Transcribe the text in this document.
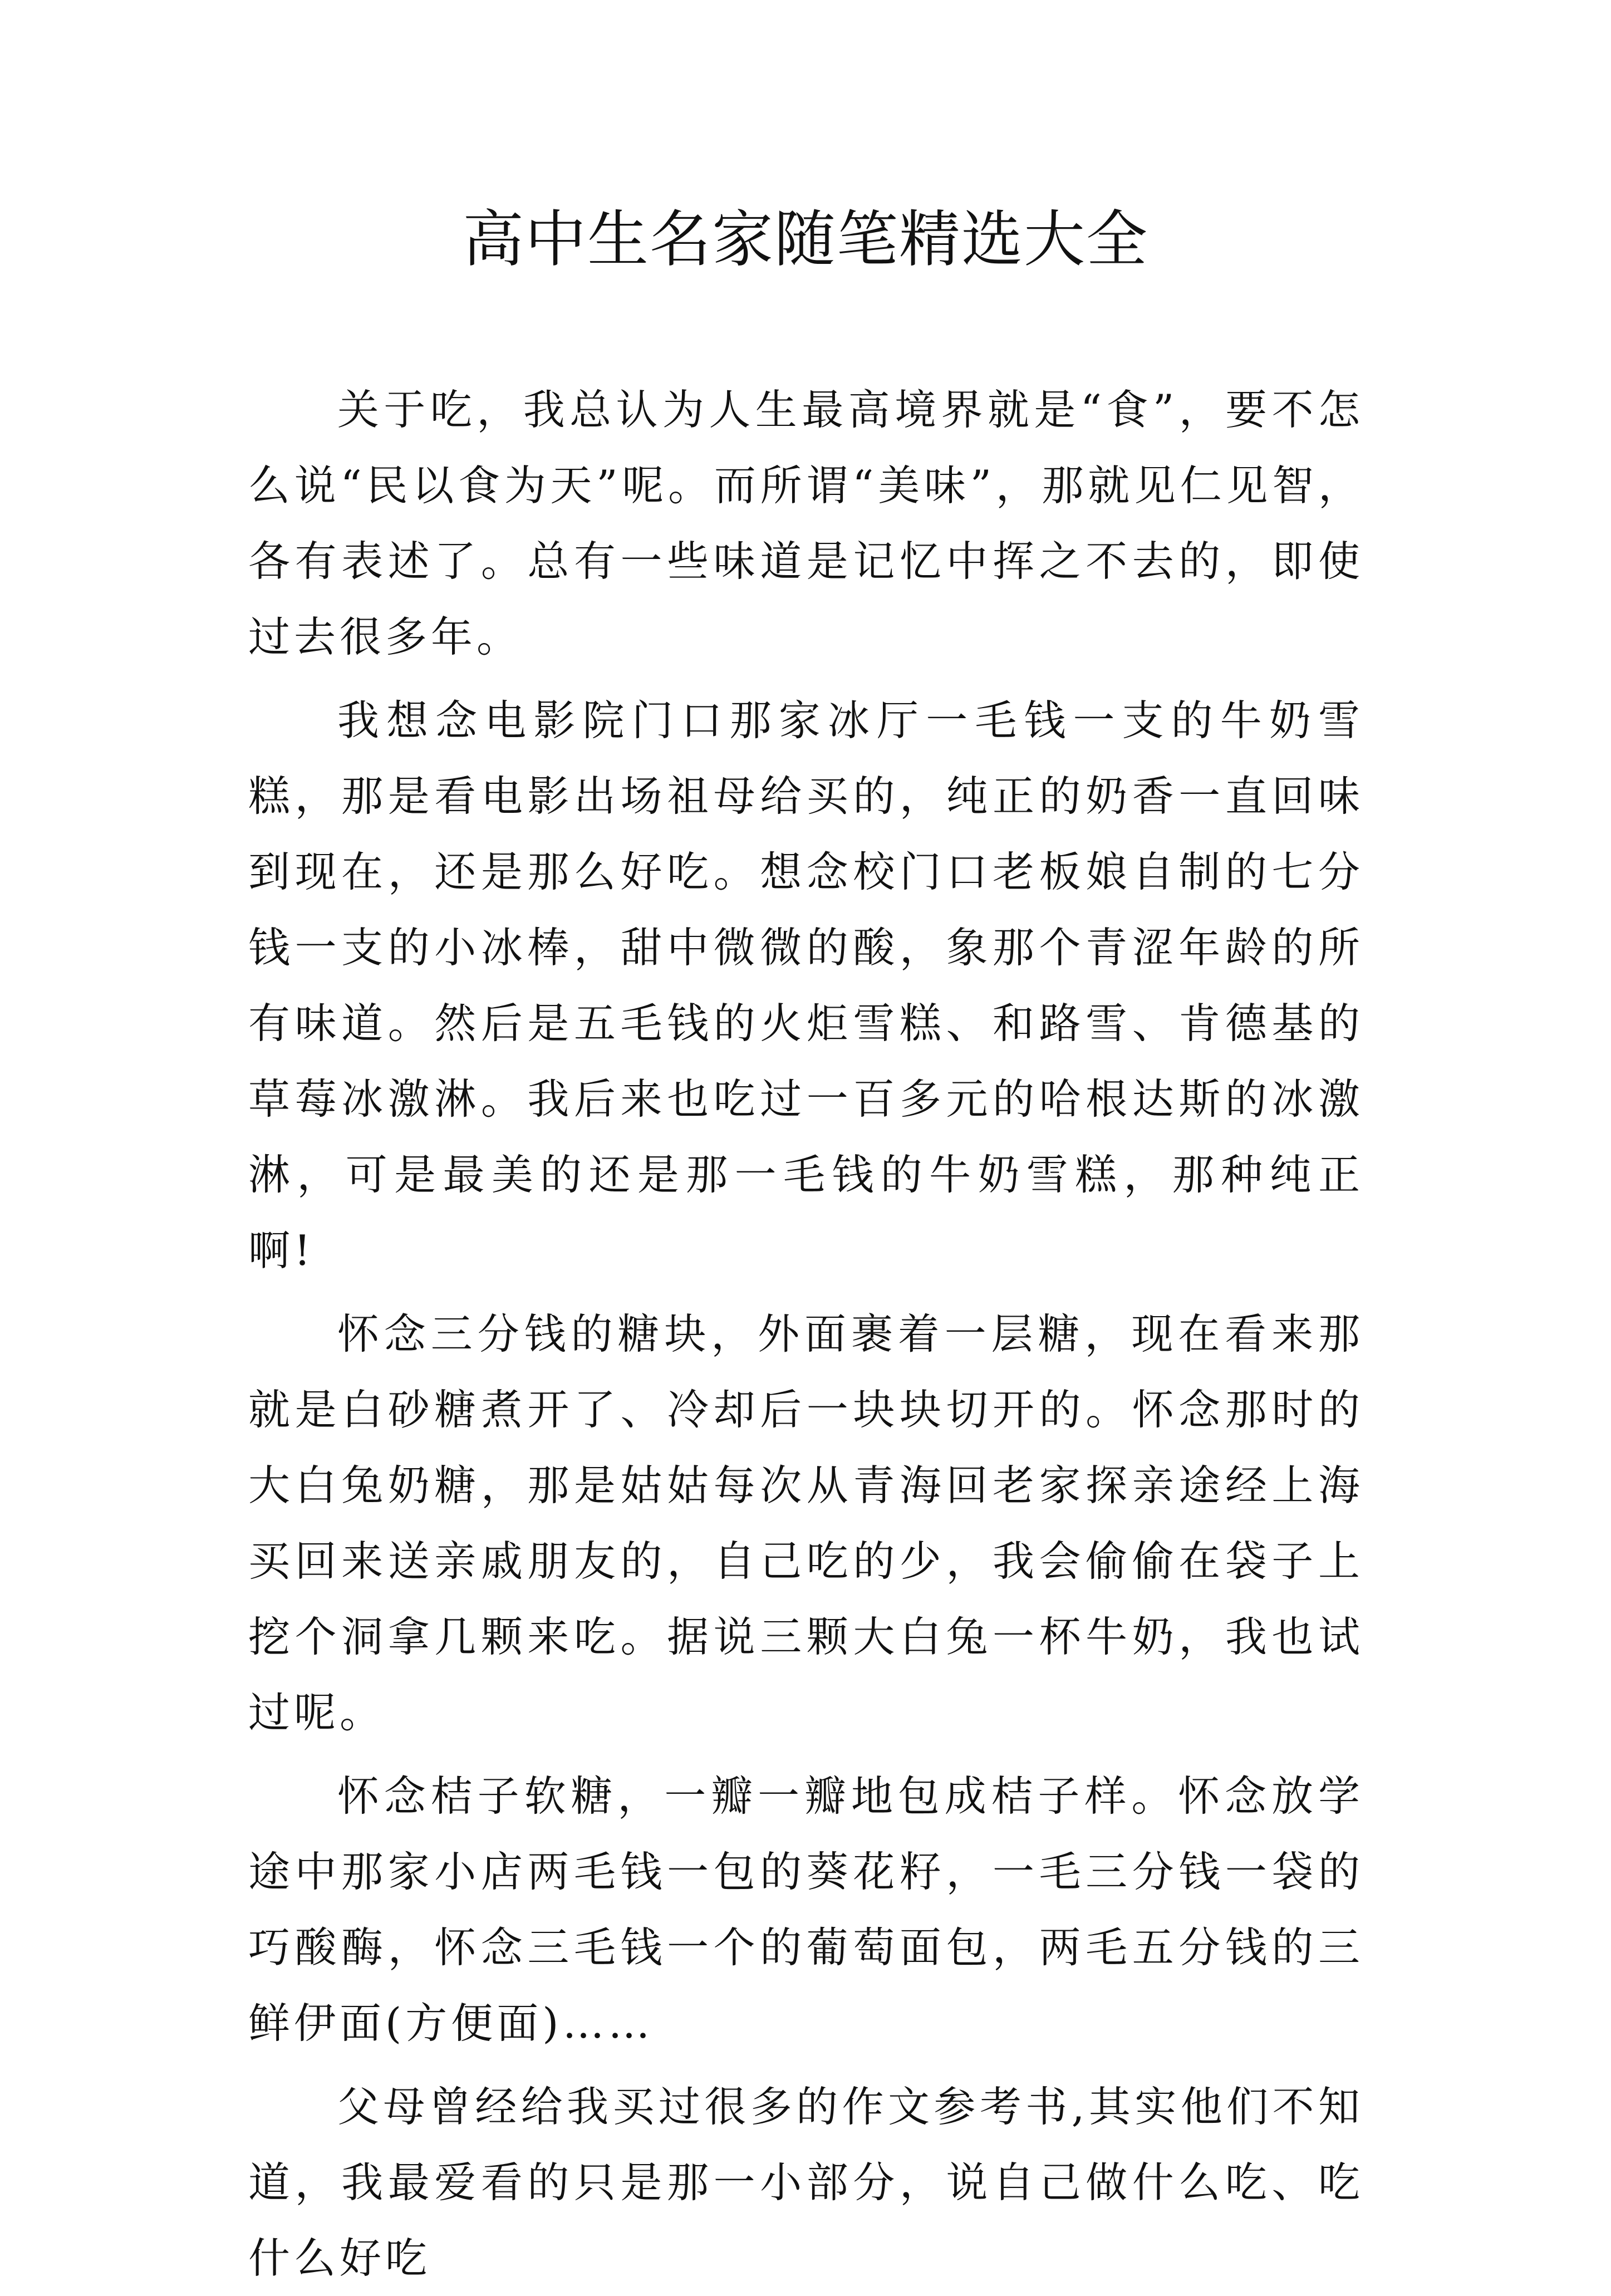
高中生名家随笔精选大全

关于吃，我总认为人生最高境界就是“食”，要不怎么说“民以食为天”呢。而所谓“美味”，那就见仁见智，各有表述了。总有一些味道是记忆中挥之不去的，即使过去很多年。

我想念电影院门口那家冰厅一毛钱一支的牛奶雪糕，那是看电影出场祖母给买的，纯正的奶香一直回味到现在，还是那么好吃。想念校门口老板娘自制的七分钱一支的小冰棒，甜中微微的酸，象那个青涩年龄的所有味道。然后是五毛钱的火炬雪糕、和路雪、肯德基的草莓冰激淋。我后来也吃过一百多元的哈根达斯的冰激淋，可是最美的还是那一毛钱的牛奶雪糕，那种纯正啊!

怀念三分钱的糖块，外面裹着一层糖，现在看来那就是白砂糖煮开了、冷却后一块块切开的。怀念那时的大白兔奶糖，那是姑姑每次从青海回老家探亲途经上海买回来送亲戚朋友的，自己吃的少，我会偷偷在袋子上挖个洞拿几颗来吃。据说三颗大白兔一杯牛奶，我也试过呢。

怀念桔子软糖，一瓣一瓣地包成桔子样。怀念放学途中那家小店两毛钱一包的葵花籽，一毛三分钱一袋的巧酸酶，怀念三毛钱一个的葡萄面包，两毛五分钱的三鲜伊面(方便面)……

父母曾经给我买过很多的作文参考书,其实他们不知道，我最爱看的只是那一小部分，说自己做什么吃、吃什么好吃
